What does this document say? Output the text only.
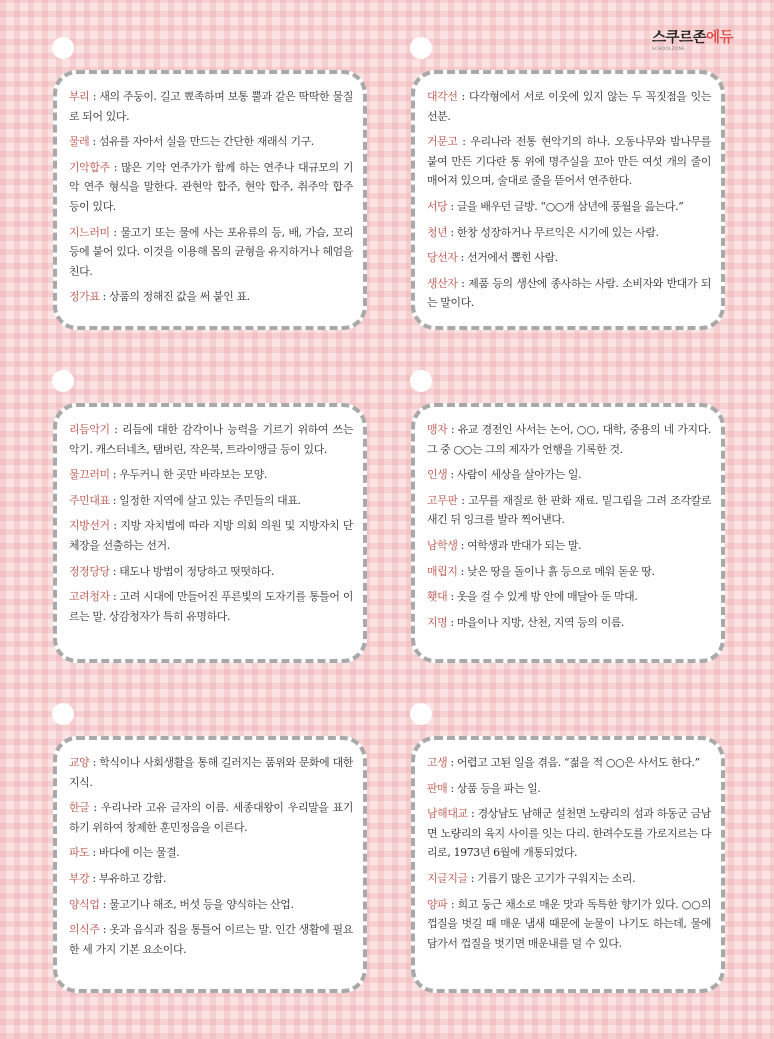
스쿠르존에듀
SCHOOLZONE
부리 : 새의 주둥이. 길고 뾰족하며 보통 뿔과 같은 딱딱한 물질로 되어 있다.
물레 : 섬유를 자아서 실을 만드는 간단한 재래식 기구.
기악합주 : 많은 기악 연주가가 함께 하는 연주나 대규모의 기악 연주 형식을 말한다. 관현악 합주, 현악 합주, 취주악 합주 등이 있다.
지느러미 : 물고기 또는 물에 사는 포유류의 등, 배, 가슴, 꼬리 등에 붙어 있다. 이것을 이용해 몸의 균형을 유지하거나 헤엄을 친다.
정가표 : 상품의 정해진 값을 써 붙인 표.
대각선 : 다각형에서 서로 이웃에 있지 않는 두 꼭짓점을 잇는 선분.
거문고 : 우리나라 전통 현악기의 하나. 오동나무와 밤나무를 붙여 만든 기다란 통 위에 명주실을 꼬아 만든 여섯 개의 줄이 매어져 있으며, 술대로 줄을 뜯어서 연주한다.
서당 : 글을 배우던 글방. “○○개 삼년에 풍월을 읊는다.”
청년 : 한창 성장하거나 무르익은 시기에 있는 사람.
당선자 : 선거에서 뽑힌 사람.
생산자 : 제품 등의 생산에 종사하는 사람. 소비자와 반대가 되는 말이다.
리듬악기 : 리듬에 대한 감각이나 능력을 기르기 위하여 쓰는 악기. 캐스터네츠, 탬버린, 작은북, 트라이앵글 등이 있다.
물끄러미 : 우두커니 한 곳만 바라보는 모양.
주민대표 : 일정한 지역에 살고 있는 주민들의 대표.
지방선거 : 지방 자치법에 따라 지방 의회 의원 및 지방자치 단체장을 선출하는 선거.
정정당당 : 태도나 방법이 정당하고 떳떳하다.
고려청자 : 고려 시대에 만들어진 푸른빛의 도자기를 통틀어 이르는 말. 상감청자가 특히 유명하다.
맹자 : 유교 경전인 사서는 논어, ○○, 대학, 중용의 네 가지다. 그 중 ○○는 그의 제자가 언행을 기록한 것.
인생 : 사람이 세상을 살아가는 일.
고무판 : 고무를 재질로 한 판화 재료. 밑그림을 그려 조각칼로 새긴 뒤 잉크를 발라 찍어낸다.
남학생 : 여학생과 반대가 되는 말.
매립지 : 낮은 땅을 돌이나 흙 등으로 메워 돋운 땅.
횃대 : 옷을 걸 수 있게 방 안에 매달아 둔 막대.
지명 : 마을이나 지방, 산천, 지역 등의 이름.
교양 : 학식이나 사회생활을 통해 길러지는 품위와 문화에 대한 지식.
한글 : 우리나라 고유 글자의 이름. 세종대왕이 우리말을 표기하기 위하여 창제한 훈민정음을 이른다.
파도 : 바다에 이는 물결.
부강 : 부유하고 강함.
양식업 : 물고기나 해조, 버섯 등을 양식하는 산업.
의식주 : 옷과 음식과 집을 통틀어 이르는 말. 인간 생활에 필요한 세 가지 기본 요소이다.
고생 : 어렵고 고된 일을 겪음. “젊을 적 ○○은 사서도 한다.”
판매 : 상품 등을 파는 일.
남해대교 : 경상남도 남해군 설천면 노량리의 섬과 하동군 금남면 노량리의 육지 사이를 잇는 다리. 한려수도를 가로지르는 다리로, 1973년 6월에 개통되었다.
지글지글 : 기름기 많은 고기가 구워지는 소리.
양파 : 희고 둥근 채소로 매운 맛과 독특한 향기가 있다. ○○의 껍질을 벗길 때 매운 냄새 때문에 눈물이 나기도 하는데, 물에 담가서 껍질을 벗기면 매운내를 덜 수 있다.
